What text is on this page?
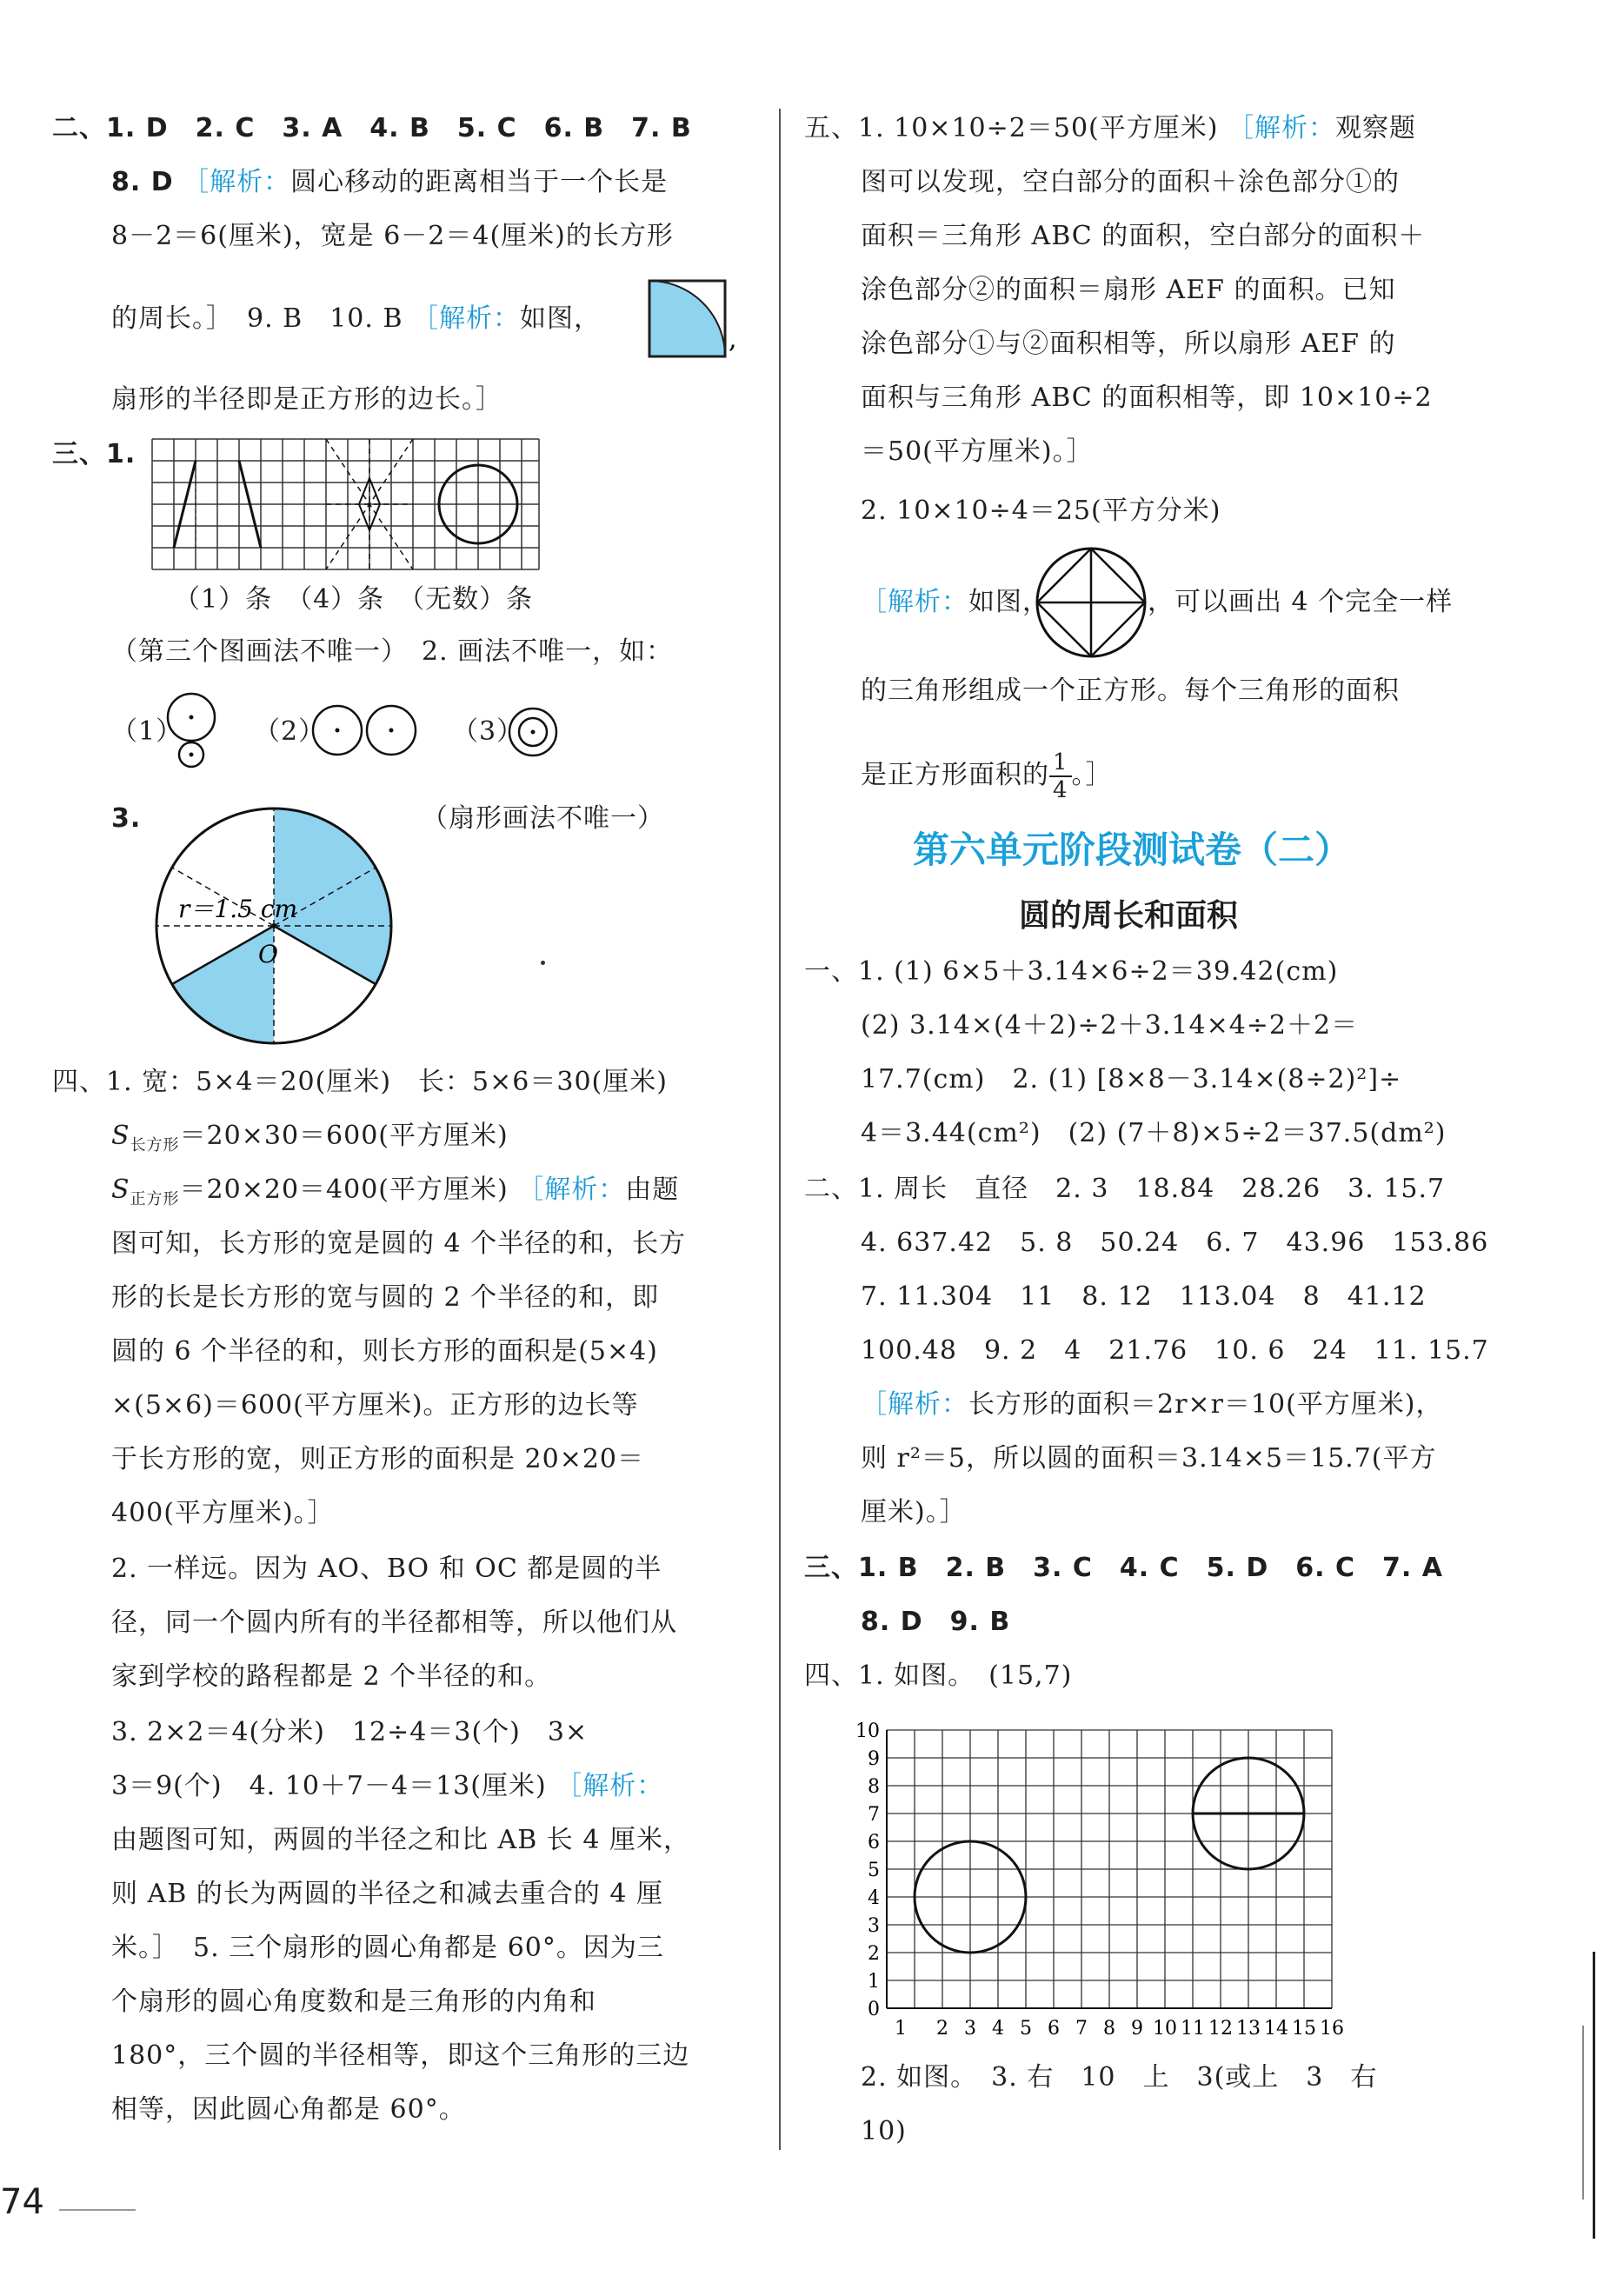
二、1. D　2. C　3. A　4. B　5. C　6. B　7. B
8. D ［解析：圆心移动的距离相当于一个长是
8－2＝6(厘米)，宽是 6－2＝4(厘米)的长方形
的周长。］　9. B　10. B ［解析：如图，
,
扇形的半径即是正方形的边长。］
三、1.
（1）条　（4）条　（无数）条
（第三个图画法不唯一）　2. 画法不唯一，如：
（1）	（2）	（3）
3.	（扇形画法不唯一）
r＝1.5 cm
O
四、1. 宽：5×4＝20(厘米)　长：5×6＝30(厘米)
$S_{长方形}=20\times 30=600$(平方厘米)
$S_{正方形}=20\times 20=400$(平方厘米) ［解析：由题
图可知，长方形的宽是圆的 4 个半径的和，长方
形的长是长方形的宽与圆的 2 个半径的和，即
圆的 6 个半径的和，则长方形的面积是(5×4)
×(5×6)＝600(平方厘米)。正方形的边长等
于长方形的宽，则正方形的面积是 20×20＝
400(平方厘米)。］
2. 一样远。因为 AO、BO 和 OC 都是圆的半
径，同一个圆内所有的半径都相等，所以他们从
家到学校的路程都是 2 个半径的和。
3. 2×2＝4(分米)　12÷4＝3(个)　3×
3＝9(个)　4. 10＋7－4＝13(厘米) ［解析：
由题图可知，两圆的半径之和比 AB 长 4 厘米，
则 AB 的长为两圆的半径之和减去重合的 4 厘
米。］　5. 三个扇形的圆心角都是 60°。因为三
个扇形的圆心角度数和是三角形的内角和
180°，三个圆的半径相等，即这个三角形的三边
相等，因此圆心角都是 60°。
74
五、1. 10×10÷2＝50(平方厘米) ［解析：观察题
图可以发现，空白部分的面积＋涂色部分①的
面积＝三角形 ABC 的面积，空白部分的面积＋
涂色部分②的面积＝扇形 AEF 的面积。已知
涂色部分①与②面积相等，所以扇形 AEF 的
面积与三角形 ABC 的面积相等，即 10×10÷2
＝50(平方厘米)。］
2. 10×10÷4＝25(平方分米)
［解析：如图，	，可以画出 4 个完全一样
的三角形组成一个正方形。每个三角形的面积
是正方形面积的 $\frac{1}{4}$ 。］
第六单元阶段测试卷（二）
圆的周长和面积
一、1. (1) 6×5＋3.14×6÷2＝39.42(cm)
(2) 3.14×(4＋2)÷2＋3.14×4÷2＋2＝
17.7(cm)　2. (1) [8×8－3.14×(8÷2)²]÷
4＝3.44(cm²)　(2) (7＋8)×5÷2＝37.5(dm²)
二、1. 周长　直径　2. 3　18.84　28.26　3. 15.7
4. 637.42　5. 8　50.24　6. 7　43.96　153.86
7. 11.304　11　8. 12　113.04　8　41.12
100.48　9. 2　4　21.76　10. 6　24　11. 15.7
［解析：长方形的面积＝2r×r＝10(平方厘米)，
则 r²＝5，所以圆的面积＝3.14×5＝15.7(平方
厘米)。］
三、1. B　2. B　3. C　4. C　5. D　6. C　7. A
8. D　9. B
四、1. 如图。　(15,7)
0
1
2
3
4
5
6
7
8
9
10
1 2 3 4 5 6 7 8 9 10 11 12 13 14 15 16
2. 如图。　3. 右　10　上　3(或上　3　右
10)
